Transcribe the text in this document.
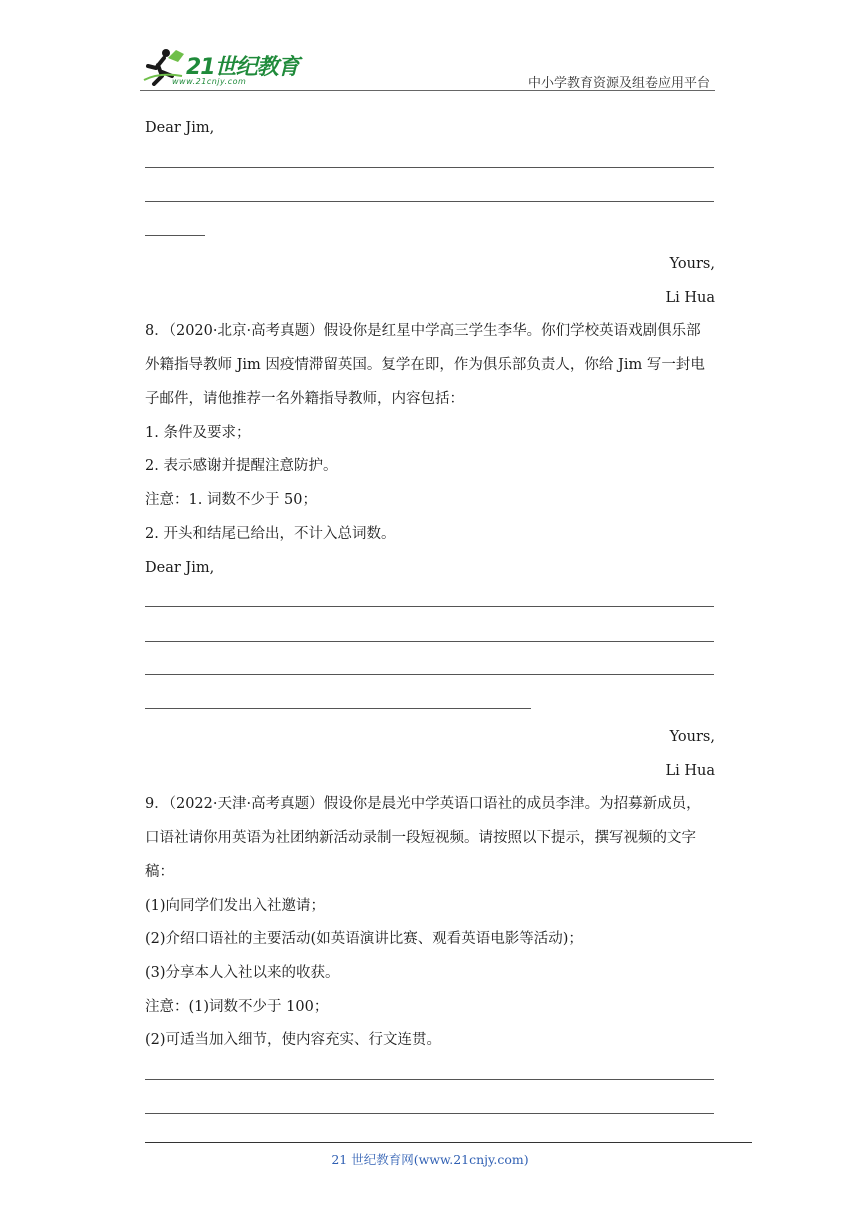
21世纪教育
www.21cnjy.com	中小学教育资源及组卷应用平台
Dear Jim,
Yours,
Li Hua
8．（2020·北京·高考真题）假设你是红星中学高三学生李华。你们学校英语戏剧俱乐部
外籍指导教师 Jim 因疫情滞留英国。复学在即，作为俱乐部负责人，你给 Jim 写一封电
子邮件，请他推荐一名外籍指导教师，内容包括：
1. 条件及要求；
2. 表示感谢并提醒注意防护。
注意：1. 词数不少于 50；
2. 开头和结尾已给出，不计入总词数。
Dear Jim,
Yours,
Li Hua
9．（2022·天津·高考真题）假设你是晨光中学英语口语社的成员李津。为招募新成员，
口语社请你用英语为社团纳新活动录制一段短视频。请按照以下提示，撰写视频的文字
稿：
(1)向同学们发出入社邀请；
(2)介绍口语社的主要活动(如英语演讲比赛、观看英语电影等活动)；
(3)分享本人入社以来的收获。
注意：(1)词数不少于 100；
(2)可适当加入细节，使内容充实、行文连贯。
21 世纪教育网(www.21cnjy.com)
